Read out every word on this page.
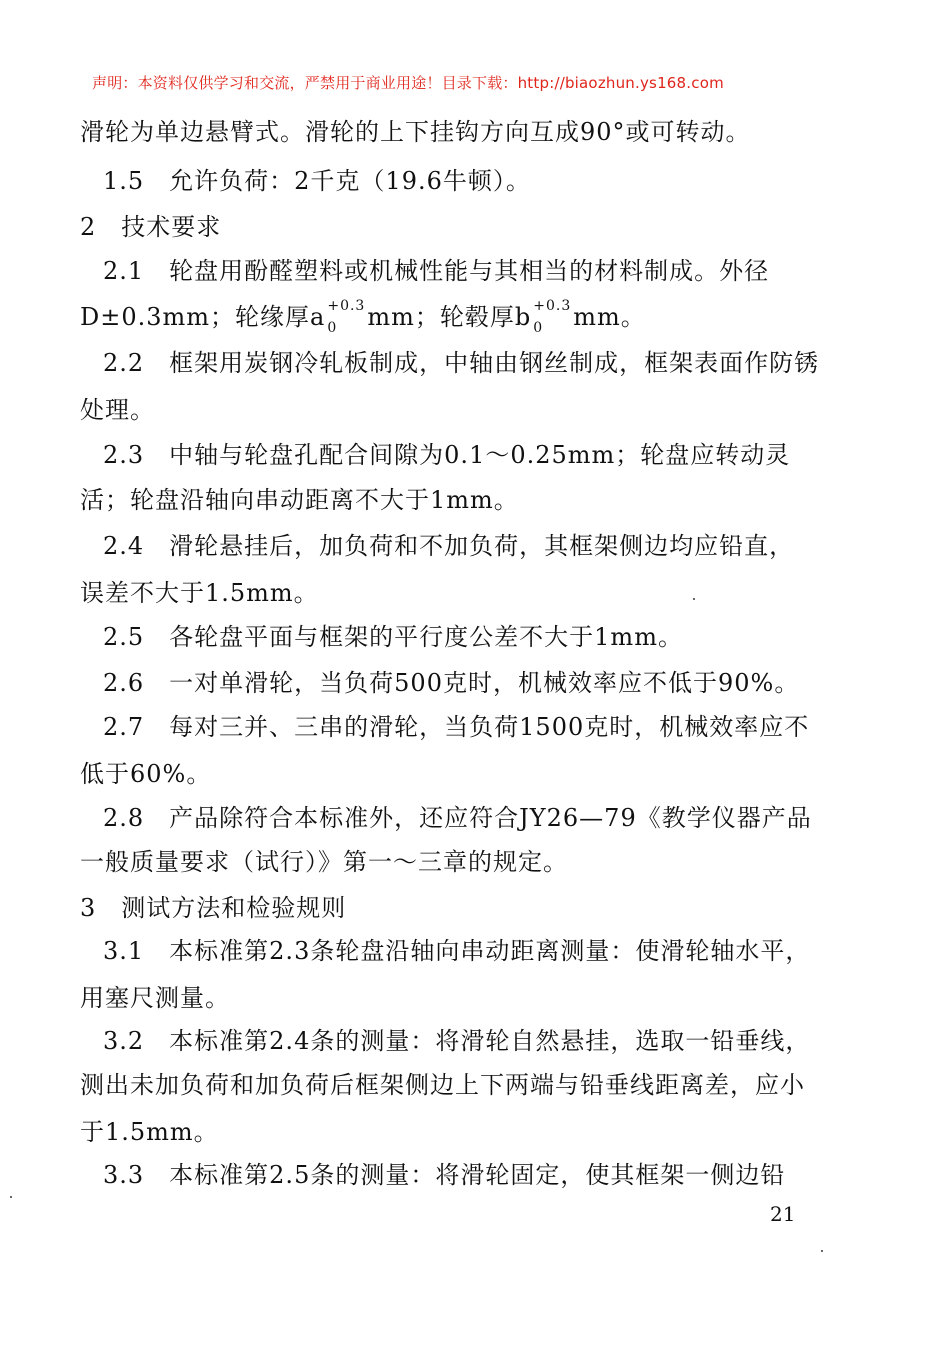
声明：本资料仅供学习和交流，严禁用于商业用途！目录下载：http://biaozhun.ys168.com
滑轮为单边悬臂式。滑轮的上下挂钩方向互成90°或可转动。
1.5　允许负荷：2千克（19.6牛顿）。
2　技术要求
2.1　轮盘用酚醛塑料或机械性能与其相当的材料制成。外径
D±0.3mm；轮缘厚a +0.3
0	mm；轮毂厚b +0.3
0	mm。
2.2　框架用炭钢冷轧板制成，中轴由钢丝制成，框架表面作防锈
处理。
2.3　中轴与轮盘孔配合间隙为0.1～0.25mm；轮盘应转动灵
活；轮盘沿轴向串动距离不大于1mm。
2.4　滑轮悬挂后，加负荷和不加负荷，其框架侧边均应铅直，
误差不大于1.5mm。
2.5　各轮盘平面与框架的平行度公差不大于1mm。
2.6　一对单滑轮，当负荷500克时，机械效率应不低于90%。
2.7　每对三并、三串的滑轮，当负荷1500克时，机械效率应不
低于60%。
2.8　产品除符合本标准外，还应符合JY26—79《教学仪器产品
一般质量要求（试行）》第一～三章的规定。
3　测试方法和检验规则
3.1　本标准第2.3条轮盘沿轴向串动距离测量：使滑轮轴水平，
用塞尺测量。
3.2　本标准第2.4条的测量：将滑轮自然悬挂，选取一铅垂线，
测出未加负荷和加负荷后框架侧边上下两端与铅垂线距离差，应小
于1.5mm。
3.3　本标准第2.5条的测量：将滑轮固定，使其框架一侧边铅
21
